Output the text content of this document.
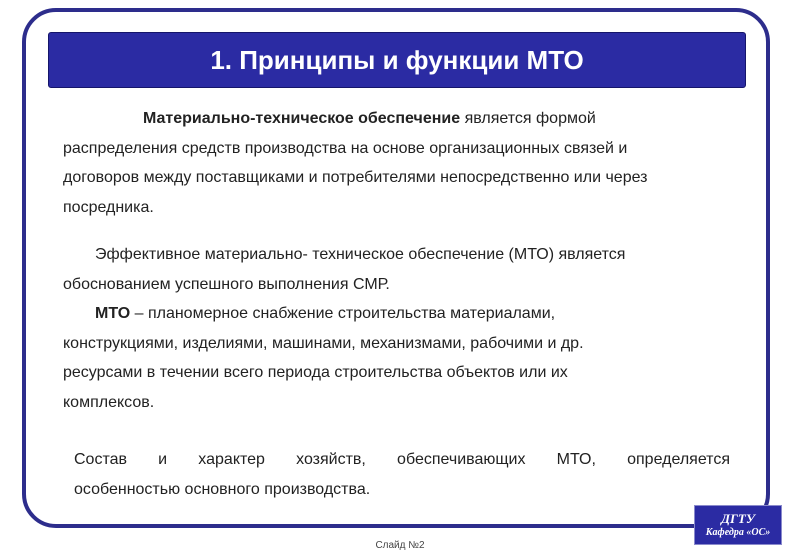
1. Принципы и функции МТО
Материально-техническое обеспечение является формой
распределения средств производства на основе организационных связей и
договоров между поставщиками и потребителями непосредственно или через
посредника.
Эффективное материально- техническое обеспечение (МТО) является
обоснованием успешного выполнения СМР.
МТО – планомерное снабжение строительства материалами,
конструкциями, изделиями, машинами, механизмами, рабочими и др.
ресурсами в течении всего периода строительства объектов или их
комплексов.
Состав и характер хозяйств, обеспечивающих МТО, определяется
особенностью основного производства.
ДГТУ
Кафедра «ОС»
Слайд №2
